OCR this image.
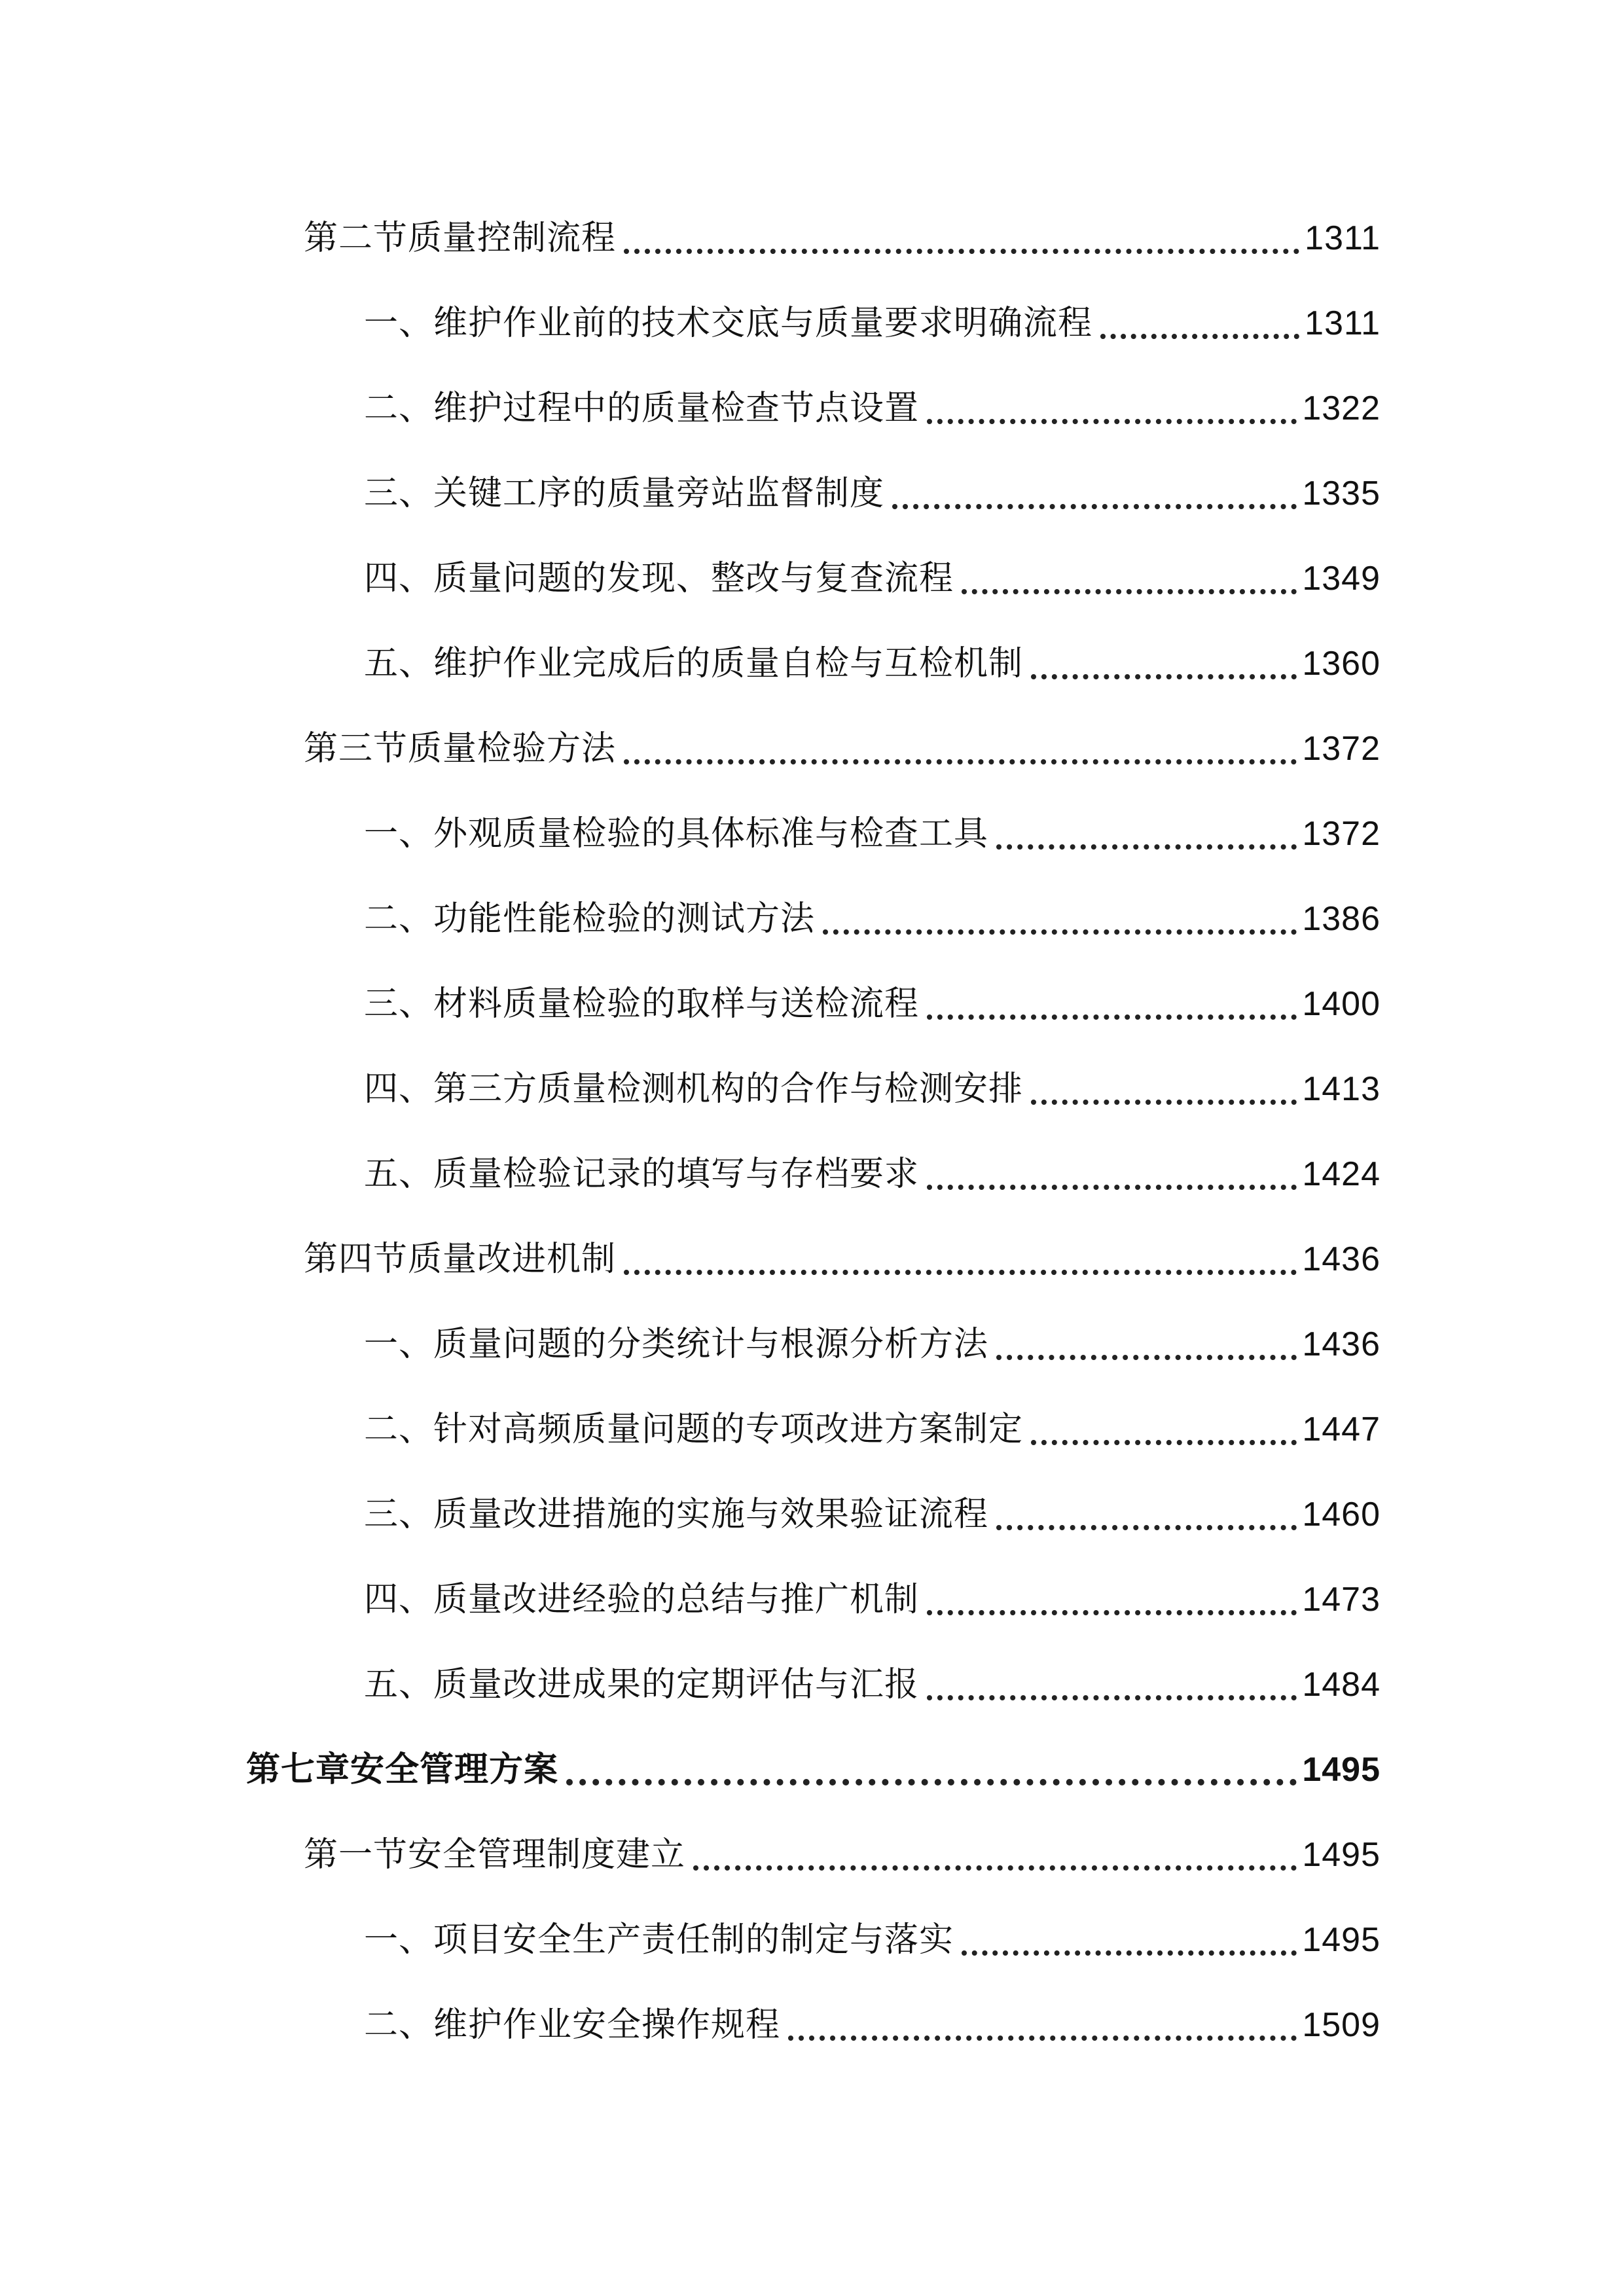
第二节质量控制流程	1311
一、维护作业前的技术交底与质量要求明确流程	1311
二、维护过程中的质量检查节点设置	1322
三、关键工序的质量旁站监督制度	1335
四、质量问题的发现、整改与复查流程	1349
五、维护作业完成后的质量自检与互检机制	1360
第三节质量检验方法	1372
一、外观质量检验的具体标准与检查工具	1372
二、功能性能检验的测试方法	1386
三、材料质量检验的取样与送检流程	1400
四、第三方质量检测机构的合作与检测安排	1413
五、质量检验记录的填写与存档要求	1424
第四节质量改进机制	1436
一、质量问题的分类统计与根源分析方法	1436
二、针对高频质量问题的专项改进方案制定	1447
三、质量改进措施的实施与效果验证流程	1460
四、质量改进经验的总结与推广机制	1473
五、质量改进成果的定期评估与汇报	1484
第七章安全管理方案	1495
第一节安全管理制度建立	1495
一、项目安全生产责任制的制定与落实	1495
二、维护作业安全操作规程	1509
